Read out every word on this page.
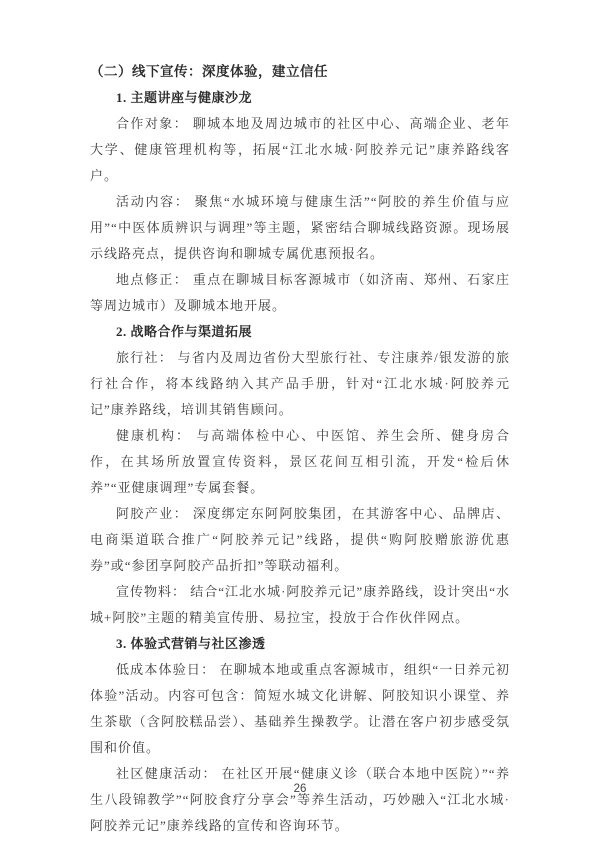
（二）线下宣传：深度体验，建立信任

1. 主题讲座与健康沙龙

合作对象： 聊城本地及周边城市的社区中心、高端企业、老年大学、健康管理机构等，拓展“江北水城·阿胶养元记”康养路线客户。

活动内容： 聚焦“水城环境与健康生活”“阿胶的养生价值与应用”“中医体质辨识与调理”等主题，紧密结合聊城线路资源。现场展示线路亮点，提供咨询和聊城专属优惠预报名。

地点修正： 重点在聊城目标客源城市（如济南、郑州、石家庄等周边城市）及聊城本地开展。

2. 战略合作与渠道拓展

旅行社： 与省内及周边省份大型旅行社、专注康养/银发游的旅行社合作，将本线路纳入其产品手册，针对“江北水城·阿胶养元记”康养路线，培训其销售顾问。

健康机构： 与高端体检中心、中医馆、养生会所、健身房合作，在其场所放置宣传资料，景区花间互相引流，开发“检后休养”“亚健康调理”专属套餐。

阿胶产业： 深度绑定东阿阿胶集团，在其游客中心、品牌店、电商渠道联合推广“阿胶养元记”线路，提供“购阿胶赠旅游优惠券”或“参团享阿胶产品折扣”等联动福利。

宣传物料： 结合“江北水城·阿胶养元记”康养路线，设计突出“水城+阿胶”主题的精美宣传册、易拉宝，投放于合作伙伴网点。

3. 体验式营销与社区渗透

低成本体验日： 在聊城本地或重点客源城市，组织“一日养元初体验”活动。内容可包含：简短水城文化讲解、阿胶知识小课堂、养生茶歇（含阿胶糕品尝）、基础养生操教学。让潜在客户初步感受氛围和价值。

社区健康活动： 在社区开展“健康义诊（联合本地中医院）”“养生八段锦教学”“阿胶食疗分享会”等养生活动，巧妙融入“江北水城·阿胶养元记”康养线路的宣传和咨询环节。

26
